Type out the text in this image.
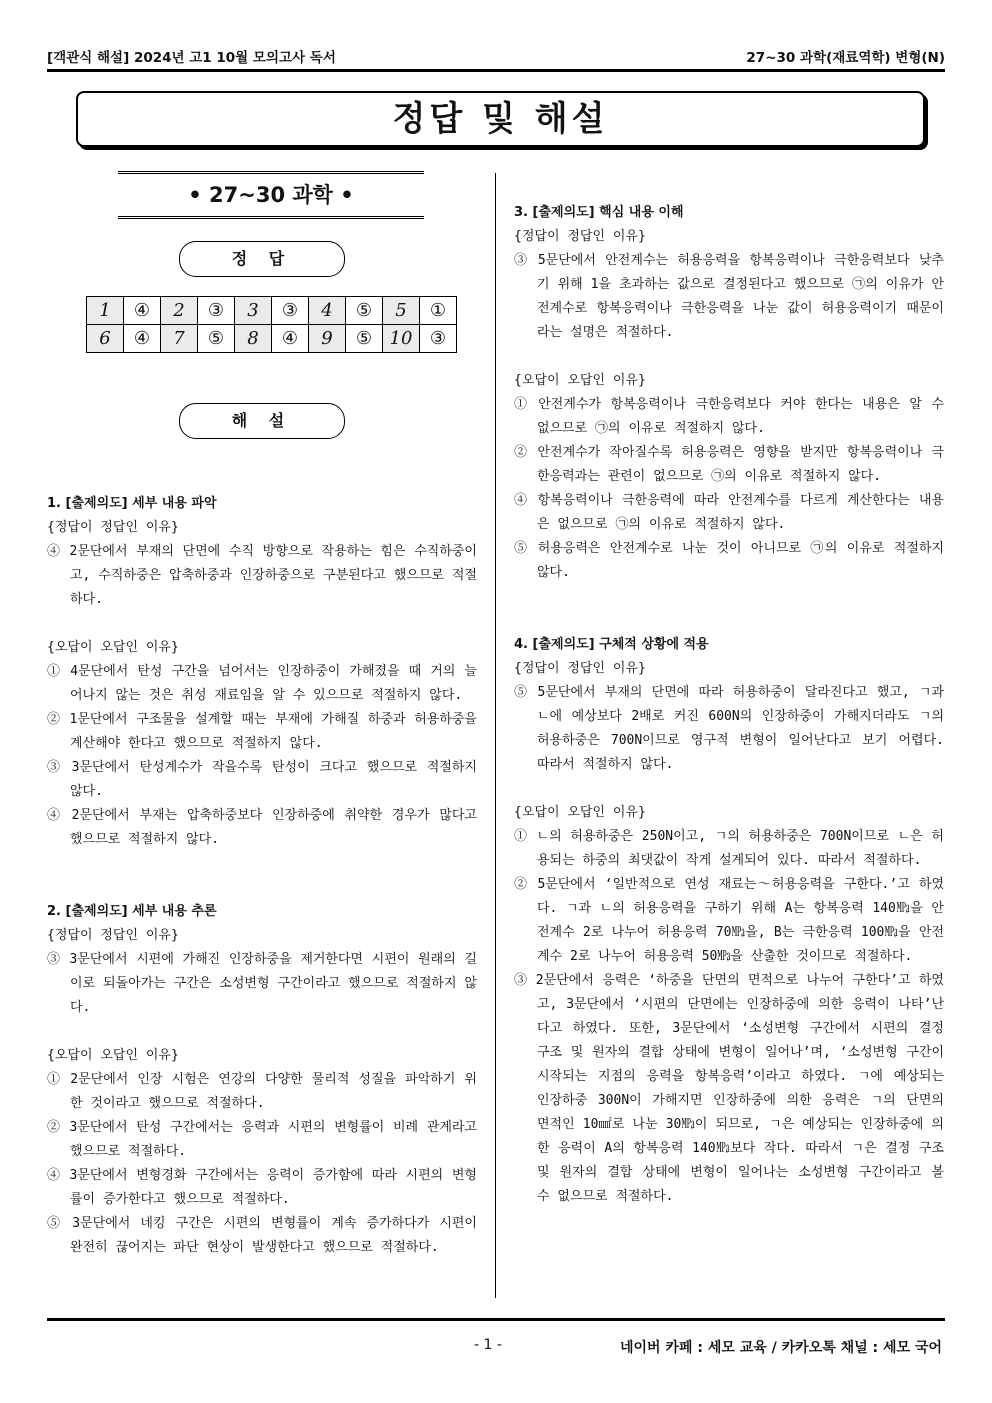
[객관식 해설] 2024년 고1 10월 모의고사 독서	27~30 과학(재료역학) 변형(N)
정답 및 해설
• 27~30 과학 •
정 답
1	④	2	③	3	③	4	⑤	5	①
6	④	7	⑤	8	④	9	⑤	10	③
해 설
1. [출제의도] 세부 내용 파악
{정답이 정답인 이유}
④ 2문단에서 부재의 단면에 수직 방향으로 작용하는 힘은 수직하중이고, 수직하중은 압축하중과 인장하중으로 구분된다고 했으므로 적절하다.
{오답이 오답인 이유}
① 4문단에서 탄성 구간을 넘어서는 인장하중이 가해졌을 때 거의 늘어나지 않는 것은 취성 재료임을 알 수 있으므로 적절하지 않다.
② 1문단에서 구조물을 설계할 때는 부재에 가해질 하중과 허용하중을 계산해야 한다고 했으므로 적절하지 않다.
③ 3문단에서 탄성계수가 작을수록 탄성이 크다고 했으므로 적절하지 않다.
④ 2문단에서 부재는 압축하중보다 인장하중에 취약한 경우가 많다고 했으므로 적절하지 않다.
2. [출제의도] 세부 내용 추론
{정답이 정답인 이유}
③ 3문단에서 시편에 가해진 인장하중을 제거한다면 시편이 원래의 길이로 되돌아가는 구간은 소성변형 구간이라고 했으므로 적절하지 않다.
{오답이 오답인 이유}
① 2문단에서 인장 시험은 연강의 다양한 물리적 성질을 파악하기 위한 것이라고 했으므로 적절하다.
② 3문단에서 탄성 구간에서는 응력과 시편의 변형률이 비례 관계라고 했으므로 적절하다.
④ 3문단에서 변형경화 구간에서는 응력이 증가함에 따라 시편의 변형률이 증가한다고 했으므로 적절하다.
⑤ 3문단에서 네킹 구간은 시편의 변형률이 계속 증가하다가 시편이 완전히 끊어지는 파단 현상이 발생한다고 했으므로 적절하다.
3. [출제의도] 핵심 내용 이해
{정답이 정답인 이유}
③ 5문단에서 안전계수는 허용응력을 항복응력이나 극한응력보다 낮추기 위해 1을 초과하는 값으로 결정된다고 했으므로 ㉠의 이유가 안전계수로 항복응력이나 극한응력을 나눈 값이 허용응력이기 때문이라는 설명은 적절하다.
{오답이 오답인 이유}
① 안전계수가 항복응력이나 극한응력보다 커야 한다는 내용은 알 수 없으므로 ㉠의 이유로 적절하지 않다.
② 안전계수가 작아질수록 허용응력은 영향을 받지만 항복응력이나 극한응력과는 관련이 없으므로 ㉠의 이유로 적절하지 않다.
④ 항복응력이나 극한응력에 따라 안전계수를 다르게 계산한다는 내용은 없으므로 ㉠의 이유로 적절하지 않다.
⑤ 허용응력은 안전계수로 나눈 것이 아니므로 ㉠의 이유로 적절하지 않다.
4. [출제의도] 구체적 상황에 적용
{정답이 정답인 이유}
⑤ 5문단에서 부재의 단면에 따라 허용하중이 달라진다고 했고, ㄱ과 ㄴ에 예상보다 2배로 커진 600N의 인장하중이 가해지더라도 ㄱ의 허용하중은 700N이므로 영구적 변형이 일어난다고 보기 어렵다. 따라서 적절하지 않다.
{오답이 오답인 이유}
① ㄴ의 허용하중은 250N이고, ㄱ의 허용하중은 700N이므로 ㄴ은 허용되는 하중의 최댓값이 작게 설계되어 있다. 따라서 적절하다.
② 5문단에서 ‘일반적으로 연성 재료는～허용응력을 구한다.’고 하였다. ㄱ과 ㄴ의 허용응력을 구하기 위해 A는 항복응력 140㎫을 안전계수 2로 나누어 허용응력 70㎫을, B는 극한응력 100㎫을 안전계수 2로 나누어 허용응력 50㎫을 산출한 것이므로 적절하다.
③ 2문단에서 응력은 ‘하중을 단면의 면적으로 나누어 구한다’고 하였고, 3문단에서 ‘시편의 단면에는 인장하중에 의한 응력이 나타’난다고 하였다. 또한, 3문단에서 ‘소성변형 구간에서 시편의 결정 구조 및 원자의 결합 상태에 변형이 일어나’며, ‘소성변형 구간이 시작되는 지점의 응력을 항복응력’이라고 하였다. ㄱ에 예상되는 인장하중 300N이 가해지면 인장하중에 의한 응력은 ㄱ의 단면의 면적인 10㎟로 나눈 30㎫이 되므로, ㄱ은 예상되는 인장하중에 의한 응력이 A의 항복응력 140㎫보다 작다. 따라서 ㄱ은 결정 구조 및 원자의 결합 상태에 변형이 일어나는 소성변형 구간이라고 볼 수 없으므로 적절하다.
- 1 -	네이버 카페 : 세모 교육 / 카카오톡 채널 : 세모 국어
